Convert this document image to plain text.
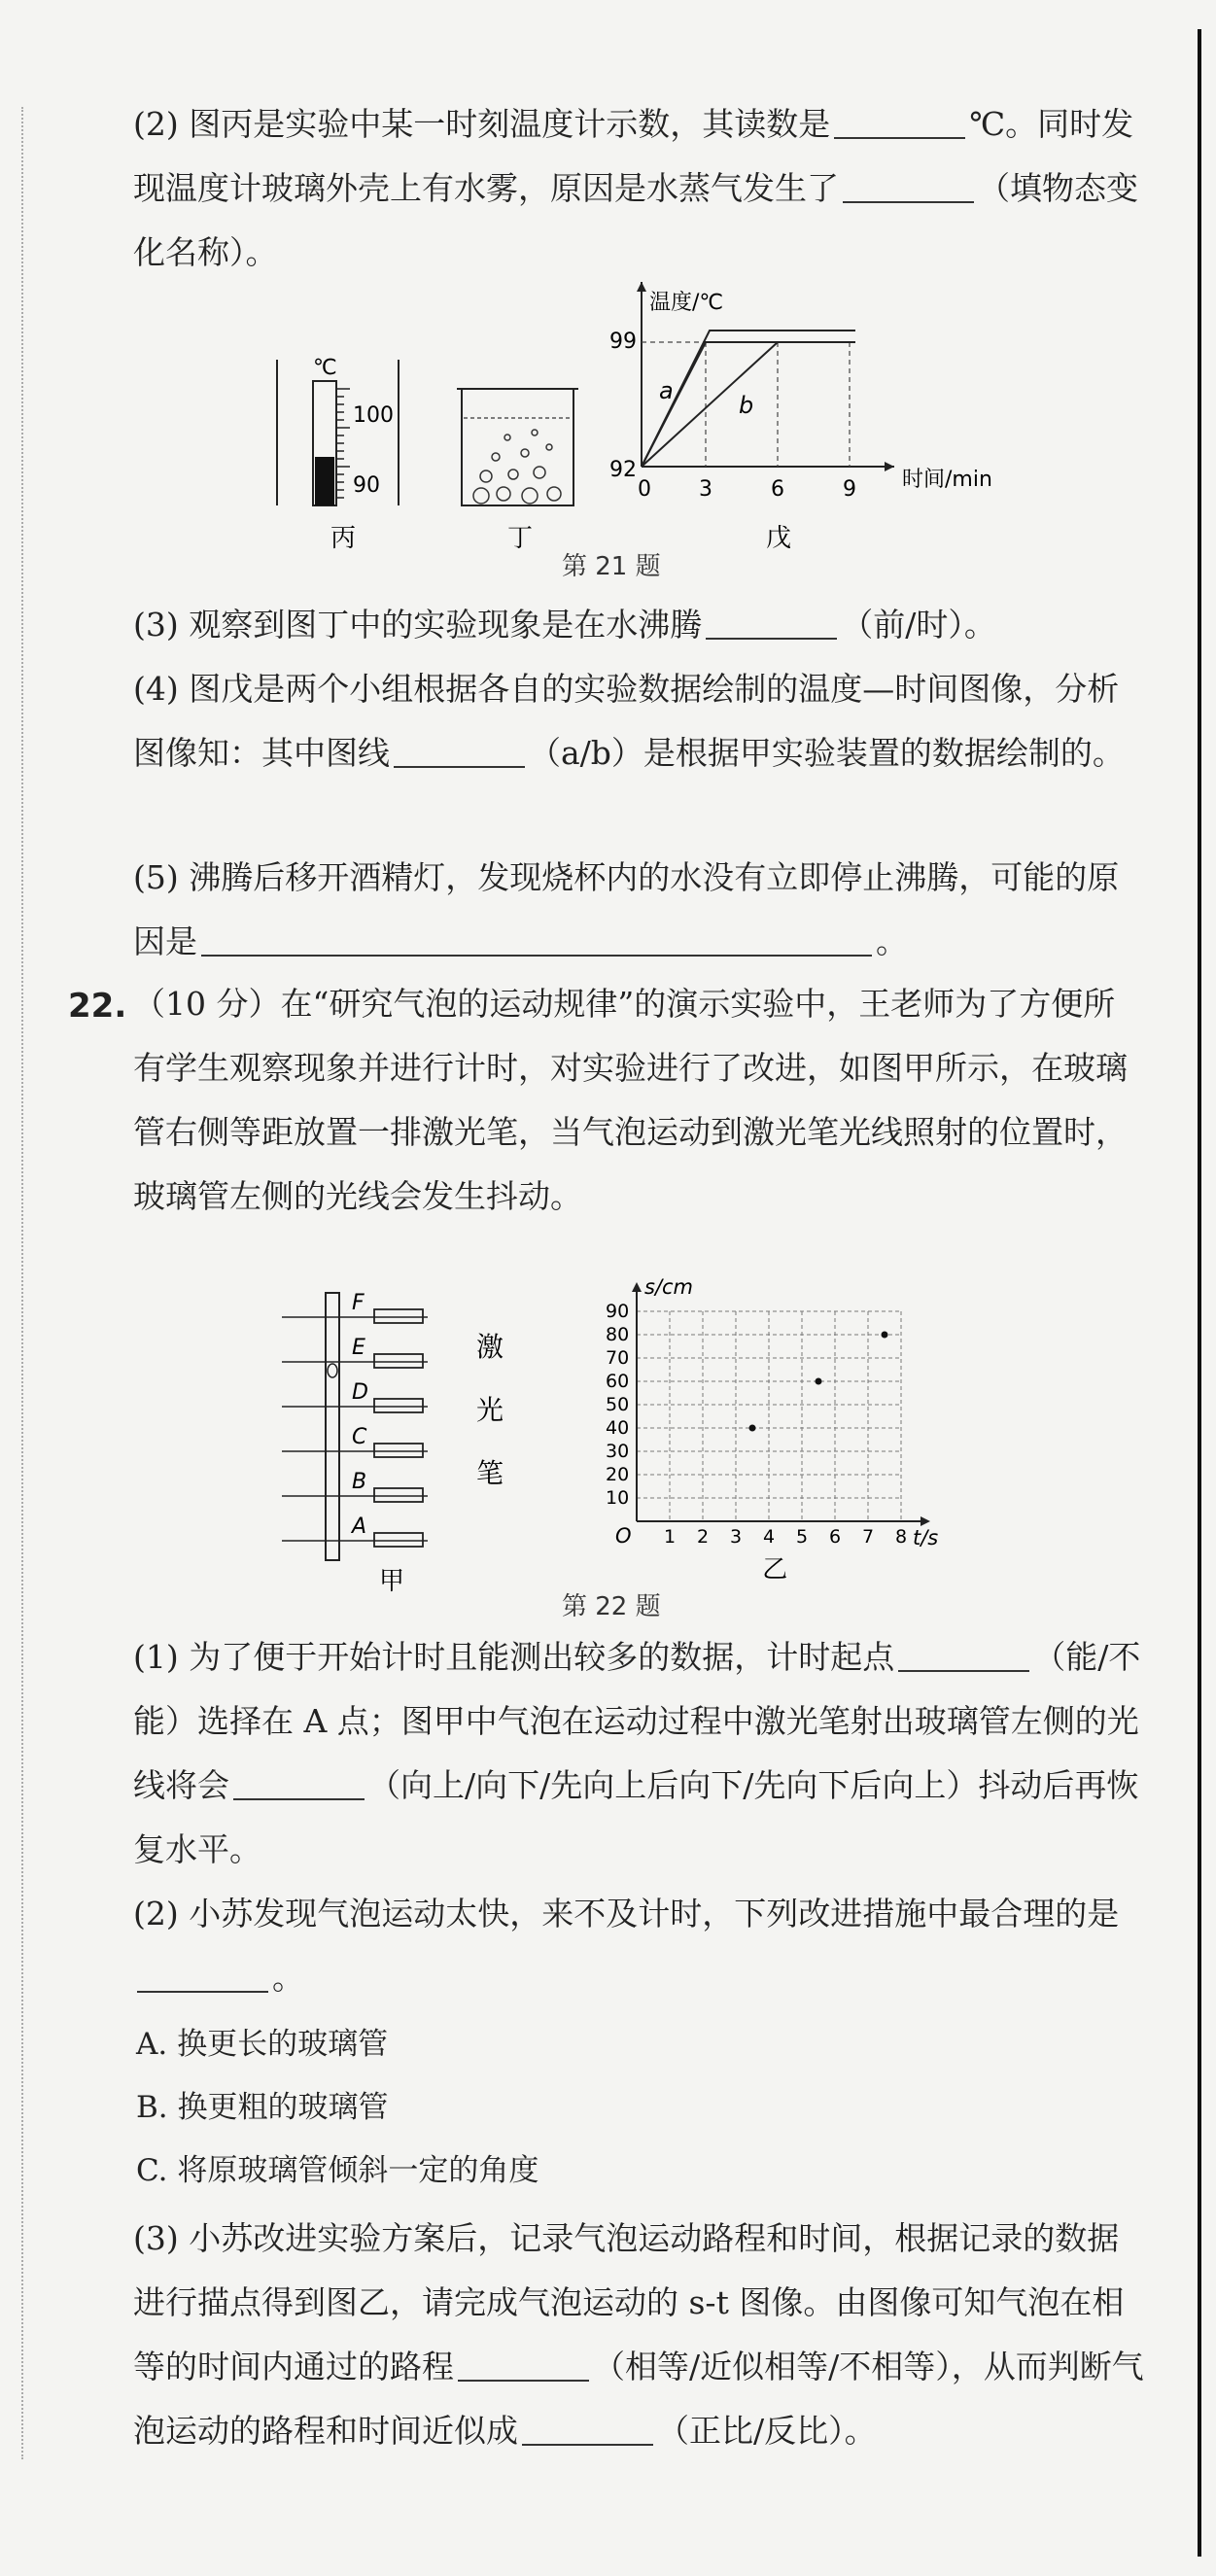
(2) 图丙是实验中某一时刻温度计示数，其读数是	℃。同时发现温度计玻璃外壳上有水雾，原因是水蒸气发生了	（填物态变化名称）。
℃
100
90
丙	丁
温度/℃
时间/min
99
92
0 3	6	9
a
b
戊
第 21 题
(3) 观察到图丁中的实验现象是在水沸腾	（前/时）。
(4) 图戊是两个小组根据各自的实验数据绘制的温度—时间图像，分析图像知：其中图线	（a/b）是根据甲实验装置的数据绘制的。
(5) 沸腾后移开酒精灯，发现烧杯内的水没有立即停止沸腾，可能的原因是	。
22. （10 分）在“研究气泡的运动规律”的演示实验中，王老师为了方便所有学生观察现象并进行计时，对实验进行了改进，如图甲所示，在玻璃管右侧等距放置一排激光笔，当气泡运动到激光笔光线照射的位置时，玻璃管左侧的光线会发生抖动。
F
E
D
C
B
A
激
光
笔
甲
1 2 3 4 5 6 7 8
10
20
30
40
50
60
70
80
90
O
s/cm
t/s
乙
第 22 题
(1) 为了便于开始计时且能测出较多的数据，计时起点	（能/不能）选择在 A 点；图甲中气泡在运动过程中激光笔射出玻璃管左侧的光线将会	（向上/向下/先向上后向下/先向下后向上）抖动后再恢复水平。
(2) 小苏发现气泡运动太快，来不及计时，下列改进措施中最合理的是。
A. 换更长的玻璃管
B. 换更粗的玻璃管
C. 将原玻璃管倾斜一定的角度
(3) 小苏改进实验方案后，记录气泡运动路程和时间，根据记录的数据进行描点得到图乙，请完成气泡运动的 s-t 图像。由图像可知气泡在相等的时间内通过的路程	（相等/近似相等/不相等），从而判断气泡运动的路程和时间近似成	（正比/反比）。
